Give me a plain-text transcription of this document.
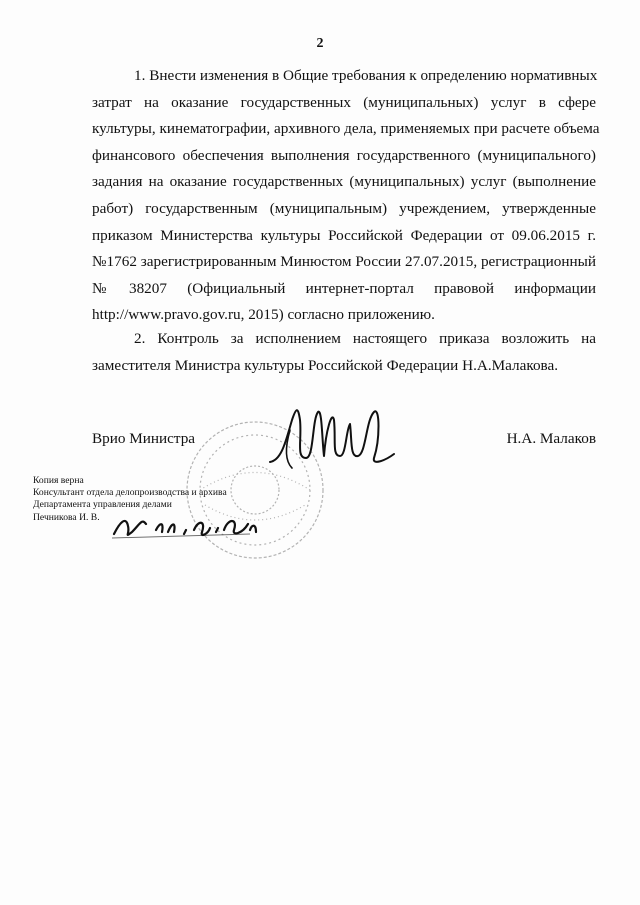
2
1. Внести изменения в Общие требования к определению нормативных
затрат на оказание государственных (муниципальных) услуг в сфере
культуры, кинематографии, архивного дела, применяемых при расчете объема
финансового обеспечения выполнения государственного (муниципального)
задания на оказание государственных (муниципальных) услуг (выполнение
работ) государственным (муниципальным) учреждением, утвержденные
приказом Министерства культуры Российской Федерации от 09.06.2015 г.
№1762 зарегистрированным Минюстом России 27.07.2015, регистрационный
№38207 (Официальный интернет-портал правовой информации
http://www.pravo.gov.ru, 2015) согласно приложению.
2. Контроль за исполнением настоящего приказа возложить на
заместителя Министра культуры Российской Федерации Н.А.Малакова.
Врио Министра	Н.А. Малаков
Копия верна
Консультант отдела делопроизводства и архива
Департамента управления делами
Печникова И. В.
